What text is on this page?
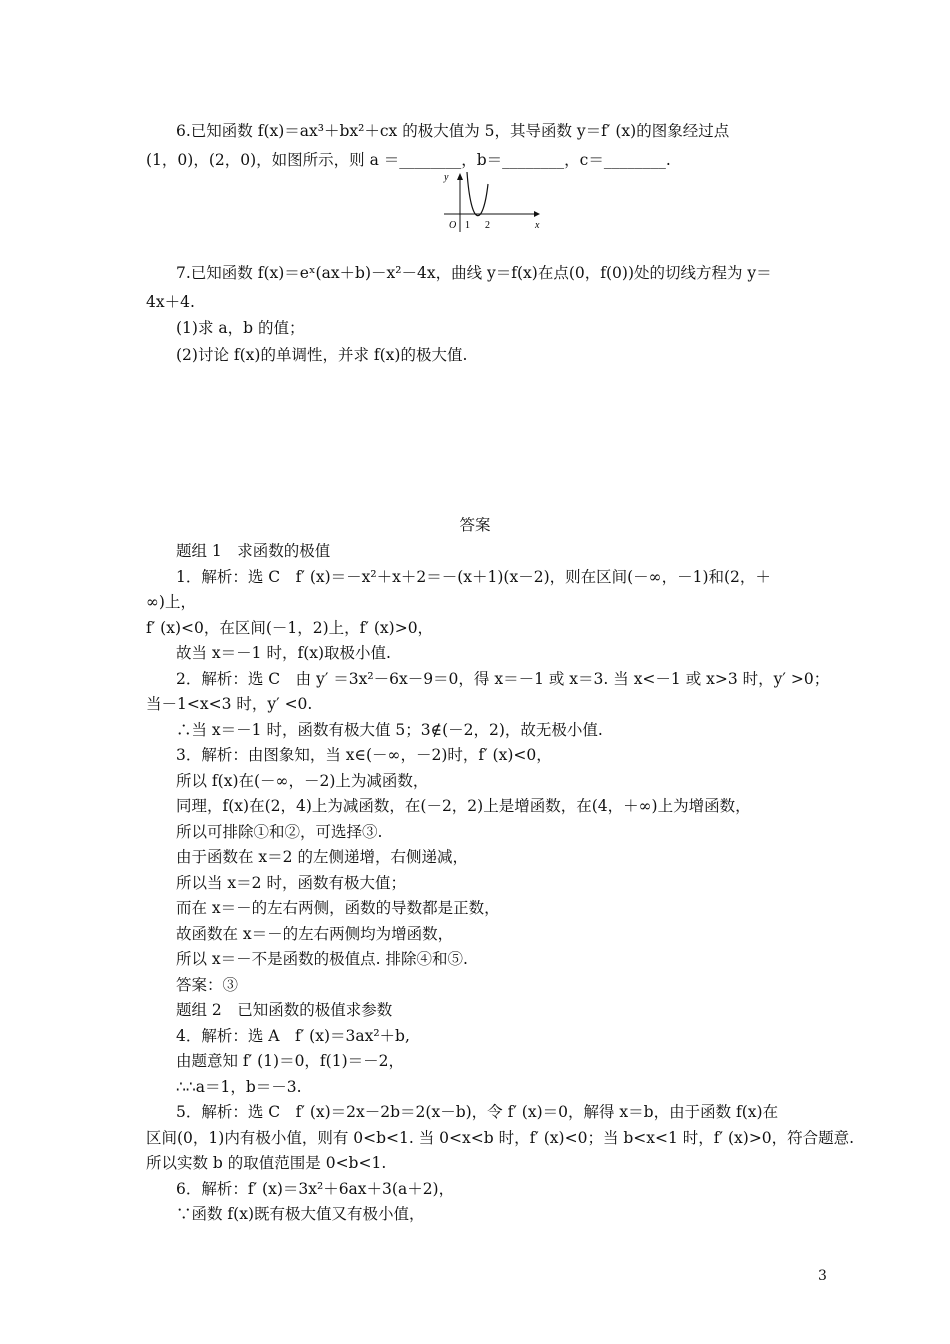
6.已知函数 f(x)＝ax³＋bx²＋cx 的极大值为 5，其导函数 y＝f′ (x)的图象经过点
(1，0)，(2，0)，如图所示，则 a ＝________，b＝________，c＝________.
y
x
O 1 2
7.已知函数 f(x)＝eˣ(ax＋b)－x²－4x，曲线 y＝f(x)在点(0，f(0))处的切线方程为 y＝
4x＋4.
(1)求 a，b 的值；
(2)讨论 f(x)的单调性，并求 f(x)的极大值.
答案
题组 1　求函数的极值
1．解析：选 C　f′ (x)＝－x²＋x＋2＝－(x＋1)(x－2)，则在区间(－∞，－1)和(2，＋
∞)上，
f′ (x)<0，在区间(－1，2)上，f′ (x)>0，
故当 x＝－1 时，f(x)取极小值.
2．解析：选 C　由 y′ ＝3x²－6x－9＝0，得 x＝－1 或 x＝3. 当 x<－1 或 x>3 时，y′ >0；
当－1<x<3 时，y′ <0.
∴当 x＝－1 时，函数有极大值 5；3∉(－2，2)，故无极小值.
3．解析：由图象知，当 x∈(－∞，－2)时，f′ (x)<0，
所以 f(x)在(－∞，－2)上为减函数，
同理，f(x)在(2，4)上为减函数，在(－2，2)上是增函数，在(4，＋∞)上为增函数，
所以可排除①和②，可选择③.
由于函数在 x＝2 的左侧递增，右侧递减，
所以当 x＝2 时，函数有极大值；
而在 x＝－的左右两侧，函数的导数都是正数，
故函数在 x＝－的左右两侧均为增函数，
所以 x＝－不是函数的极值点. 排除④和⑤.
答案：③
题组 2　已知函数的极值求参数
4．解析：选 A　f′ (x)＝3ax²＋b,
由题意知 f′ (1)＝0，f(1)＝－2，
∴∴a＝1，b＝－3.
5．解析：选 C　f′ (x)＝2x－2b＝2(x－b)，令 f′ (x)＝0，解得 x＝b，由于函数 f(x)在
区间(0，1)内有极小值，则有 0<b<1. 当 0<x<b 时，f′ (x)<0；当 b<x<1 时，f′ (x)>0，符合题意.
所以实数 b 的取值范围是 0<b<1.
6．解析：f′ (x)＝3x²＋6ax＋3(a＋2)，
∵函数 f(x)既有极大值又有极小值，
3
